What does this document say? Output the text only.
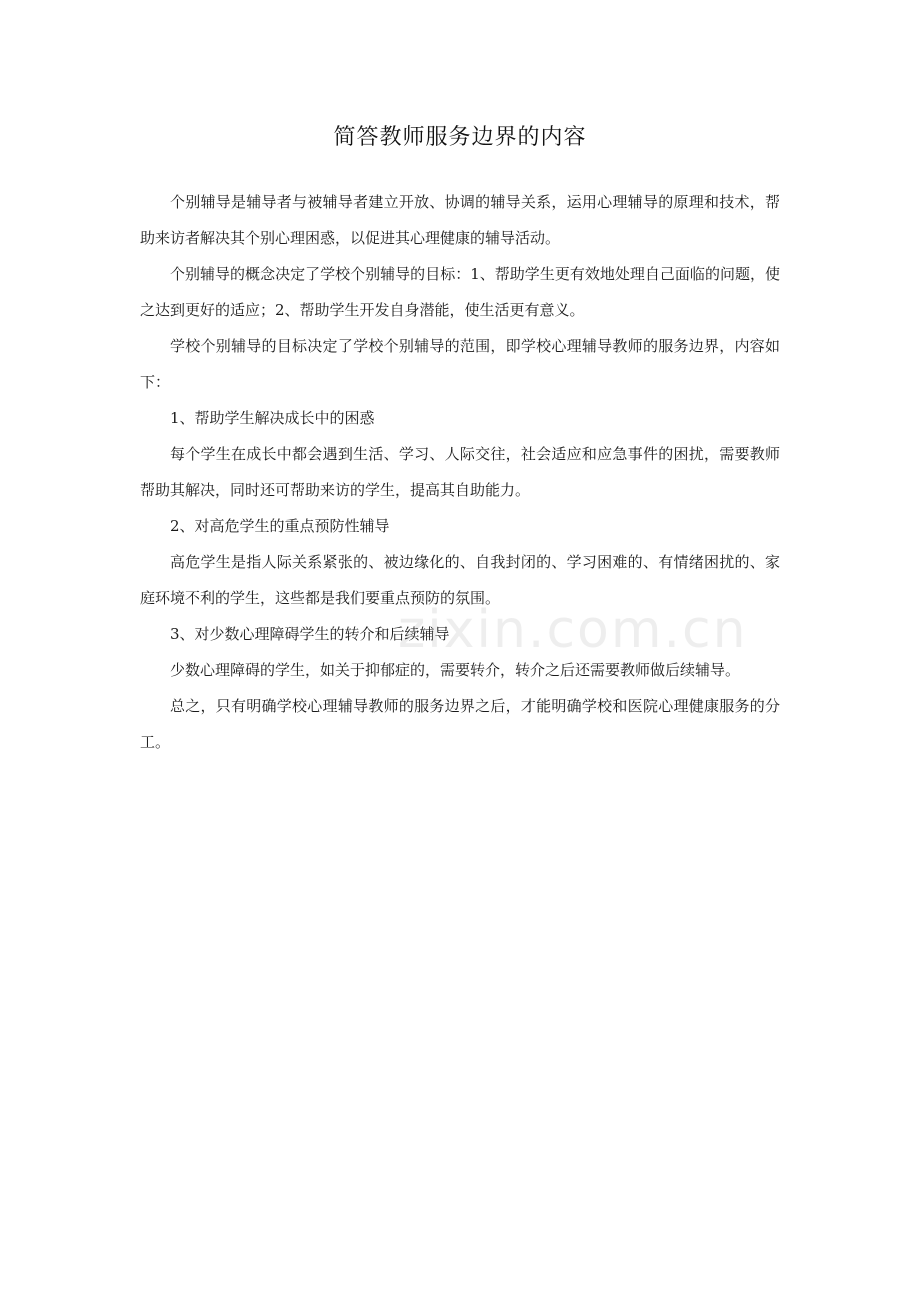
简答教师服务边界的内容

个别辅导是辅导者与被辅导者建立开放、协调的辅导关系，运用心理辅导的原理和技术，帮助来访者解决其个别心理困惑，以促进其心理健康的辅导活动。

个别辅导的概念决定了学校个别辅导的目标：1、帮助学生更有效地处理自己面临的问题，使之达到更好的适应；2、帮助学生开发自身潜能，使生活更有意义。

学校个别辅导的目标决定了学校个别辅导的范围，即学校心理辅导教师的服务边界，内容如下：

1、帮助学生解决成长中的困惑

每个学生在成长中都会遇到生活、学习、人际交往，社会适应和应急事件的困扰，需要教师帮助其解决，同时还可帮助来访的学生，提高其自助能力。

2、对高危学生的重点预防性辅导

高危学生是指人际关系紧张的、被边缘化的、自我封闭的、学习困难的、有情绪困扰的、家庭环境不利的学生，这些都是我们要重点预防的氛围。

3、对少数心理障碍学生的转介和后续辅导

少数心理障碍的学生，如关于抑郁症的，需要转介，转介之后还需要教师做后续辅导。

总之，只有明确学校心理辅导教师的服务边界之后，才能明确学校和医院心理健康服务的分工。

zixin.com.cn
